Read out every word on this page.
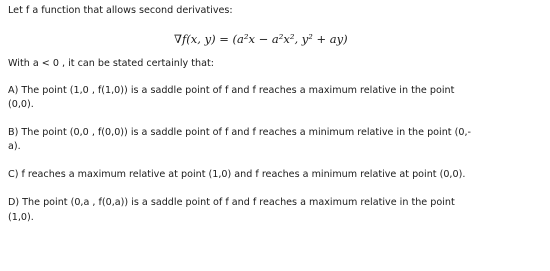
Let f a function that allows second derivatives:
∇f(x, y) = (a²x − a²x², y² + ay)
With a < 0 , it can be stated certainly that:
A) The point (1,0 , f(1,0)) is a saddle point of f and f reaches a maximum relative in the point
(0,0).
B) The point (0,0 , f(0,0)) is a saddle point of f and f reaches a minimum relative in the point (0,-
a).
C) f reaches a maximum relative at point (1,0) and f reaches a minimum relative at point (0,0).
D) The point (0,a , f(0,a)) is a saddle point of f and f reaches a maximum relative in the point
(1,0).
